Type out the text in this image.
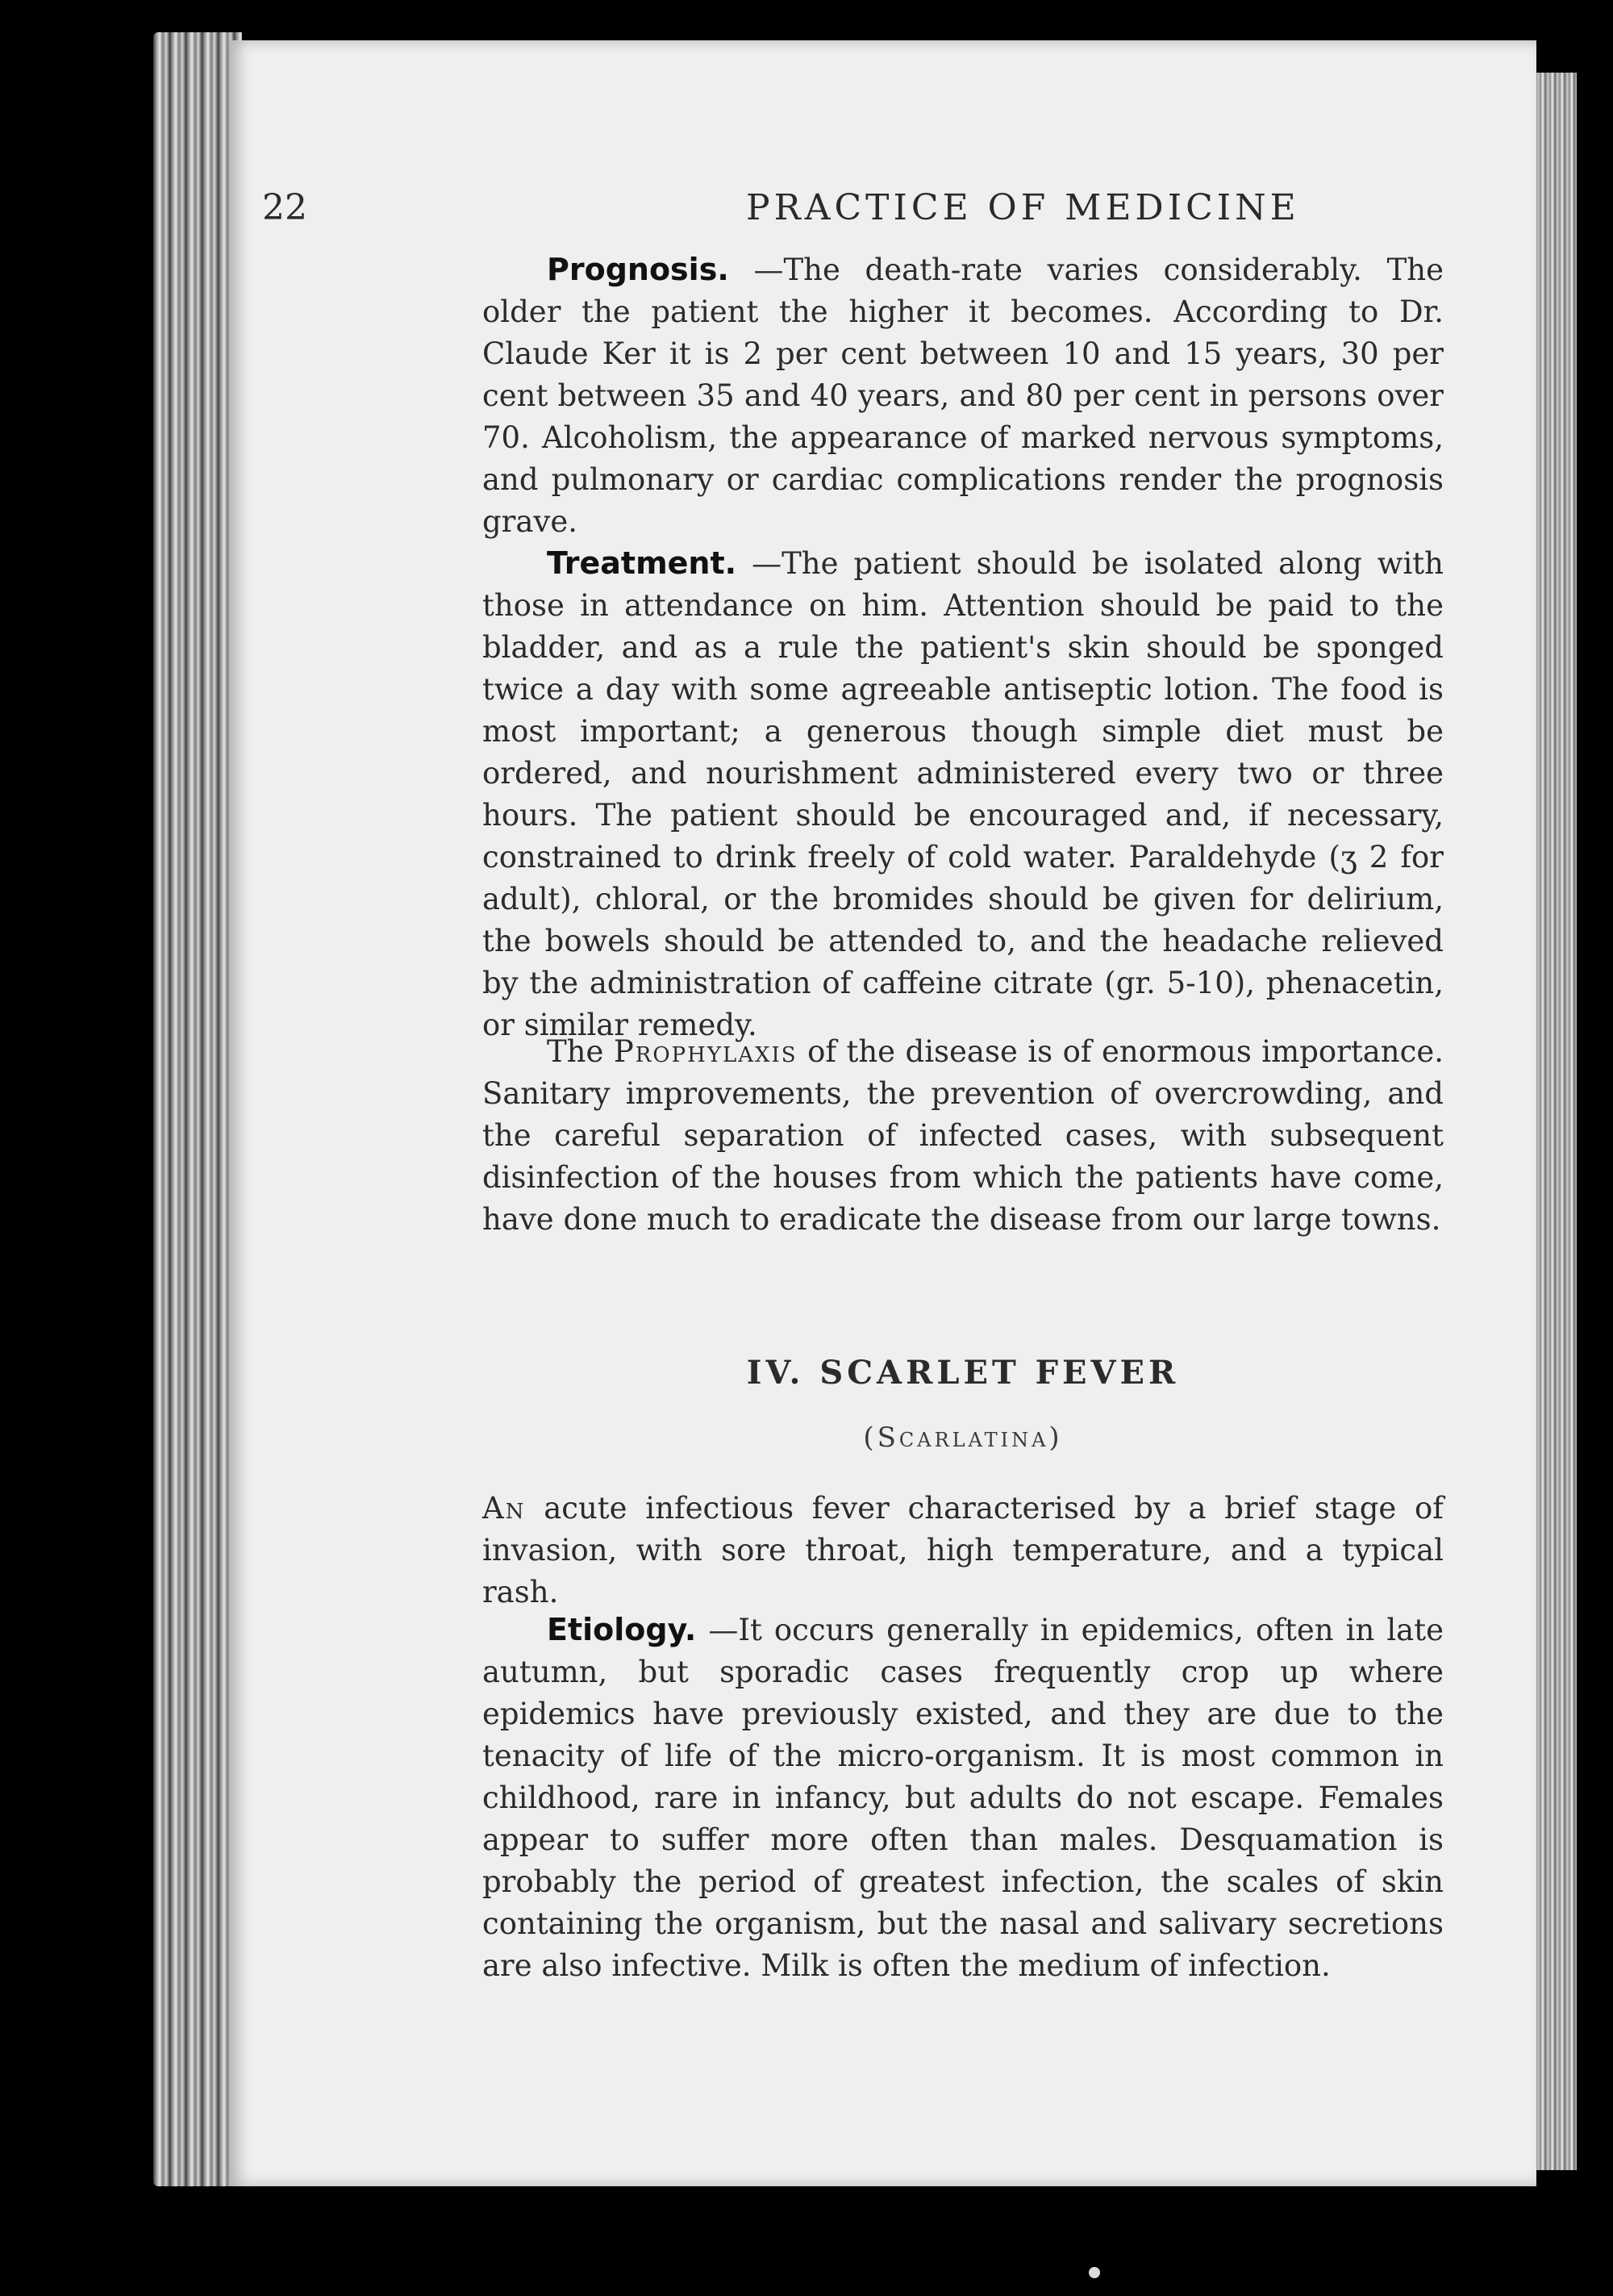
22	PRACTICE OF MEDICINE

Prognosis. —The death-rate varies considerably. The older the patient the higher it becomes. According to Dr. Claude Ker it is 2 per cent between 10 and 15 years, 30 per cent between 35 and 40 years, and 80 per cent in persons over 70. Alcoholism, the appearance of marked nervous symptoms, and pulmonary or cardiac complications render the prognosis grave.

Treatment. —The patient should be isolated along with those in attendance on him. Attention should be paid to the bladder, and as a rule the patient's skin should be sponged twice a day with some agreeable antiseptic lotion. The food is most important; a generous though simple diet must be ordered, and nourishment administered every two or three hours. The patient should be encouraged and, if necessary, constrained to drink freely of cold water. Paraldehyde (ʒ 2 for adult), chloral, or the bromides should be given for delirium, the bowels should be attended to, and the headache relieved by the administration of caffeine citrate (gr. 5-10), phenacetin, or similar remedy.

The Prophylaxis of the disease is of enormous importance. Sanitary improvements, the prevention of overcrowding, and the careful separation of infected cases, with subsequent disinfection of the houses from which the patients have come, have done much to eradicate the disease from our large towns.

IV. SCARLET FEVER
(Scarlatina)

An acute infectious fever characterised by a brief stage of invasion, with sore throat, high temperature, and a typical rash.

Etiology. —It occurs generally in epidemics, often in late autumn, but sporadic cases frequently crop up where epidemics have previously existed, and they are due to the tenacity of life of the micro-organism. It is most common in childhood, rare in infancy, but adults do not escape. Females appear to suffer more often than males. Desquamation is probably the period of greatest infection, the scales of skin containing the organism, but the nasal and salivary secretions are also infective. Milk is often the medium of infection.
